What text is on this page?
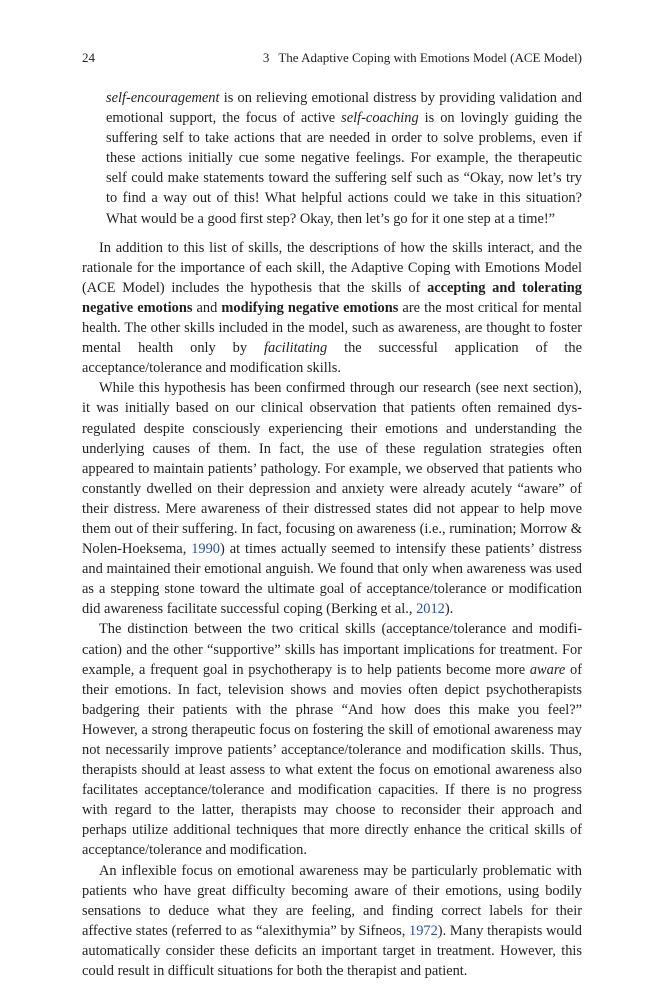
24	3 The Adaptive Coping with Emotions Model (ACE Model)

self-encouragement is on relieving emotional distress by providing validation and emotional support, the focus of active self-coaching is on lovingly guiding the suffering self to take actions that are needed in order to solve problems, even if these actions initially cue some negative feelings. For example, the therapeutic self could make statements toward the suffering self such as “Okay, now let’s try to find a way out of this! What helpful actions could we take in this situation? What would be a good first step? Okay, then let’s go for it one step at a time!”

In addition to this list of skills, the descriptions of how the skills interact, and the rationale for the importance of each skill, the Adaptive Coping with Emotions Model (ACE Model) includes the hypothesis that the skills of accepting and tolerating negative emotions and modifying negative emotions are the most critical for mental health. The other skills included in the model, such as awareness, are thought to foster mental health only by facilitating the successful application of the acceptance/tolerance and modification skills.

While this hypothesis has been confirmed through our research (see next section), it was initially based on our clinical observation that patients often remained dysregulated despite consciously experiencing their emotions and understanding the underlying causes of them. In fact, the use of these regulation strategies often appeared to maintain patients’ pathology. For example, we observed that patients who constantly dwelled on their depression and anxiety were already acutely “aware” of their distress. Mere awareness of their distressed states did not appear to help move them out of their suffering. In fact, focusing on awareness (i.e., rumination; Morrow & Nolen-Hoeksema, 1990) at times actually seemed to intensify these patients’ distress and maintained their emotional anguish. We found that only when awareness was used as a stepping stone toward the ultimate goal of acceptance/tolerance or modification did awareness facilitate successful coping (Berking et al., 2012).

The distinction between the two critical skills (acceptance/tolerance and modification) and the other “supportive” skills has important implications for treatment. For example, a frequent goal in psychotherapy is to help patients become more aware of their emotions. In fact, television shows and movies often depict psychotherapists badgering their patients with the phrase “And how does this make you feel?” However, a strong therapeutic focus on fostering the skill of emotional awareness may not necessarily improve patients’ acceptance/tolerance and modification skills. Thus, therapists should at least assess to what extent the focus on emotional awareness also facilitates acceptance/tolerance and modification capacities. If there is no progress with regard to the latter, therapists may choose to reconsider their approach and perhaps utilize additional techniques that more directly enhance the critical skills of acceptance/tolerance and modification.

An inflexible focus on emotional awareness may be particularly problematic with patients who have great difficulty becoming aware of their emotions, using bodily sensations to deduce what they are feeling, and finding correct labels for their affective states (referred to as “alexithymia” by Sifneos, 1972). Many therapists would automatically consider these deficits an important target in treatment. However, this could result in difficult situations for both the therapist and patient.
